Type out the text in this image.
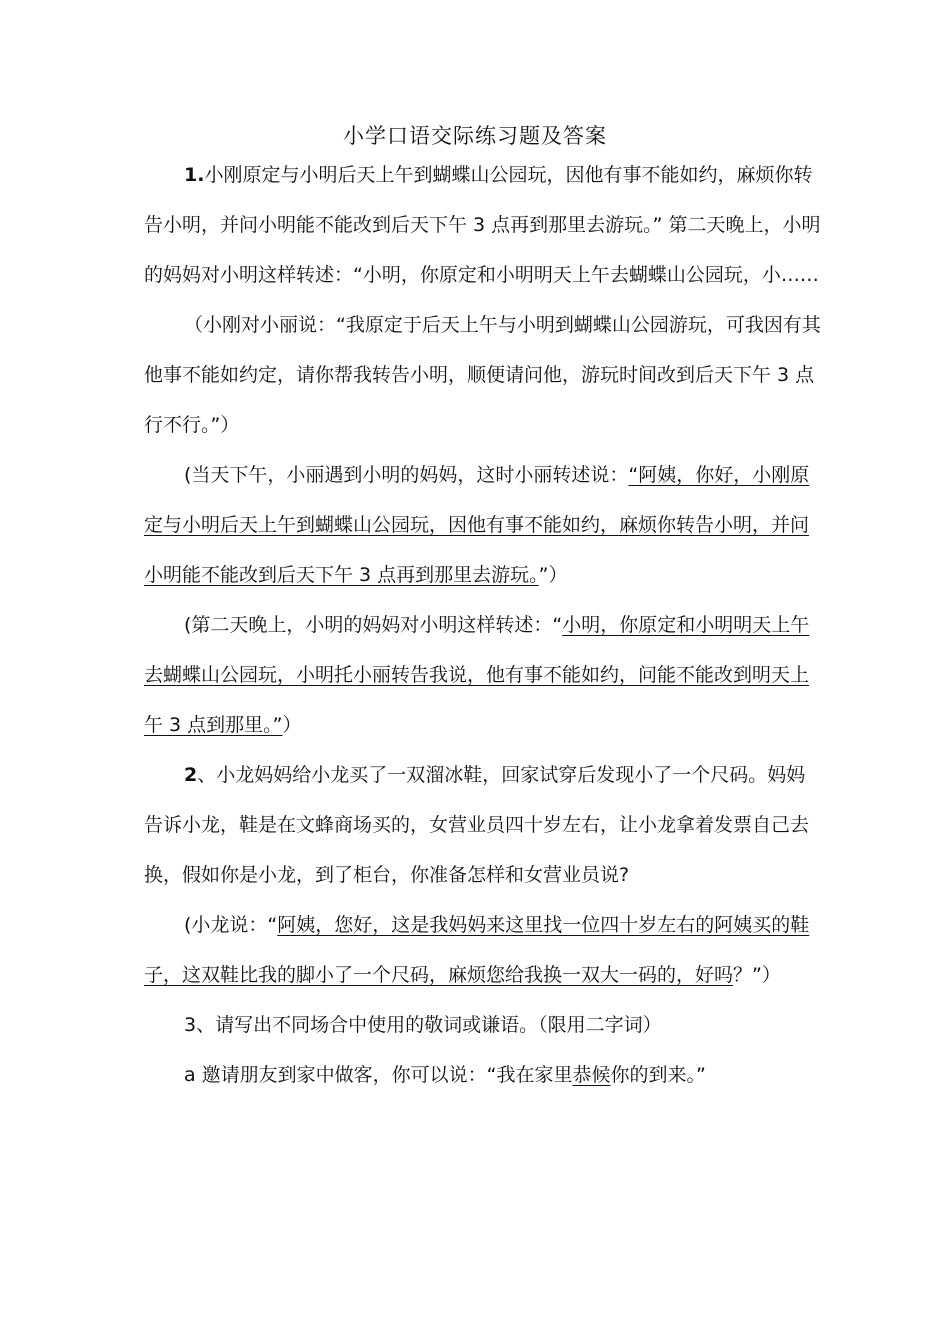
小学口语交际练习题及答案

1.小刚原定与小明后天上午到蝴蝶山公园玩，因他有事不能如约，麻烦你转告小明，并问小明能不能改到后天下午 3 点再到那里去游玩。” 第二天晚上，小明的妈妈对小明这样转述：“小明，你原定和小明明天上午去蝴蝶山公园玩，小……

（小刚对小丽说：“我原定于后天上午与小明到蝴蝶山公园游玩，可我因有其他事不能如约定，请你帮我转告小明，顺便请问他，游玩时间改到后天下午 3 点行不行。”）

(当天下午，小丽遇到小明的妈妈，这时小丽转述说：“阿姨，你好，小刚原定与小明后天上午到蝴蝶山公园玩，因他有事不能如约，麻烦你转告小明，并问小明能不能改到后天下午 3 点再到那里去游玩。”）

(第二天晚上，小明的妈妈对小明这样转述：“小明，你原定和小明明天上午去蝴蝶山公园玩，小明托小丽转告我说，他有事不能如约，问能不能改到明天上午 3 点到那里。”）

2、小龙妈妈给小龙买了一双溜冰鞋，回家试穿后发现小了一个尺码。妈妈告诉小龙，鞋是在文蜂商场买的，女营业员四十岁左右，让小龙拿着发票自己去换，假如你是小龙，到了柜台，你准备怎样和女营业员说?

(小龙说：“阿姨，您好，这是我妈妈来这里找一位四十岁左右的阿姨买的鞋子，这双鞋比我的脚小了一个尺码，麻烦您给我换一双大一码的，好吗？”）

3、请写出不同场合中使用的敬词或谦语。（限用二字词）

a 邀请朋友到家中做客，你可以说：“我在家里恭候你的到来。”
